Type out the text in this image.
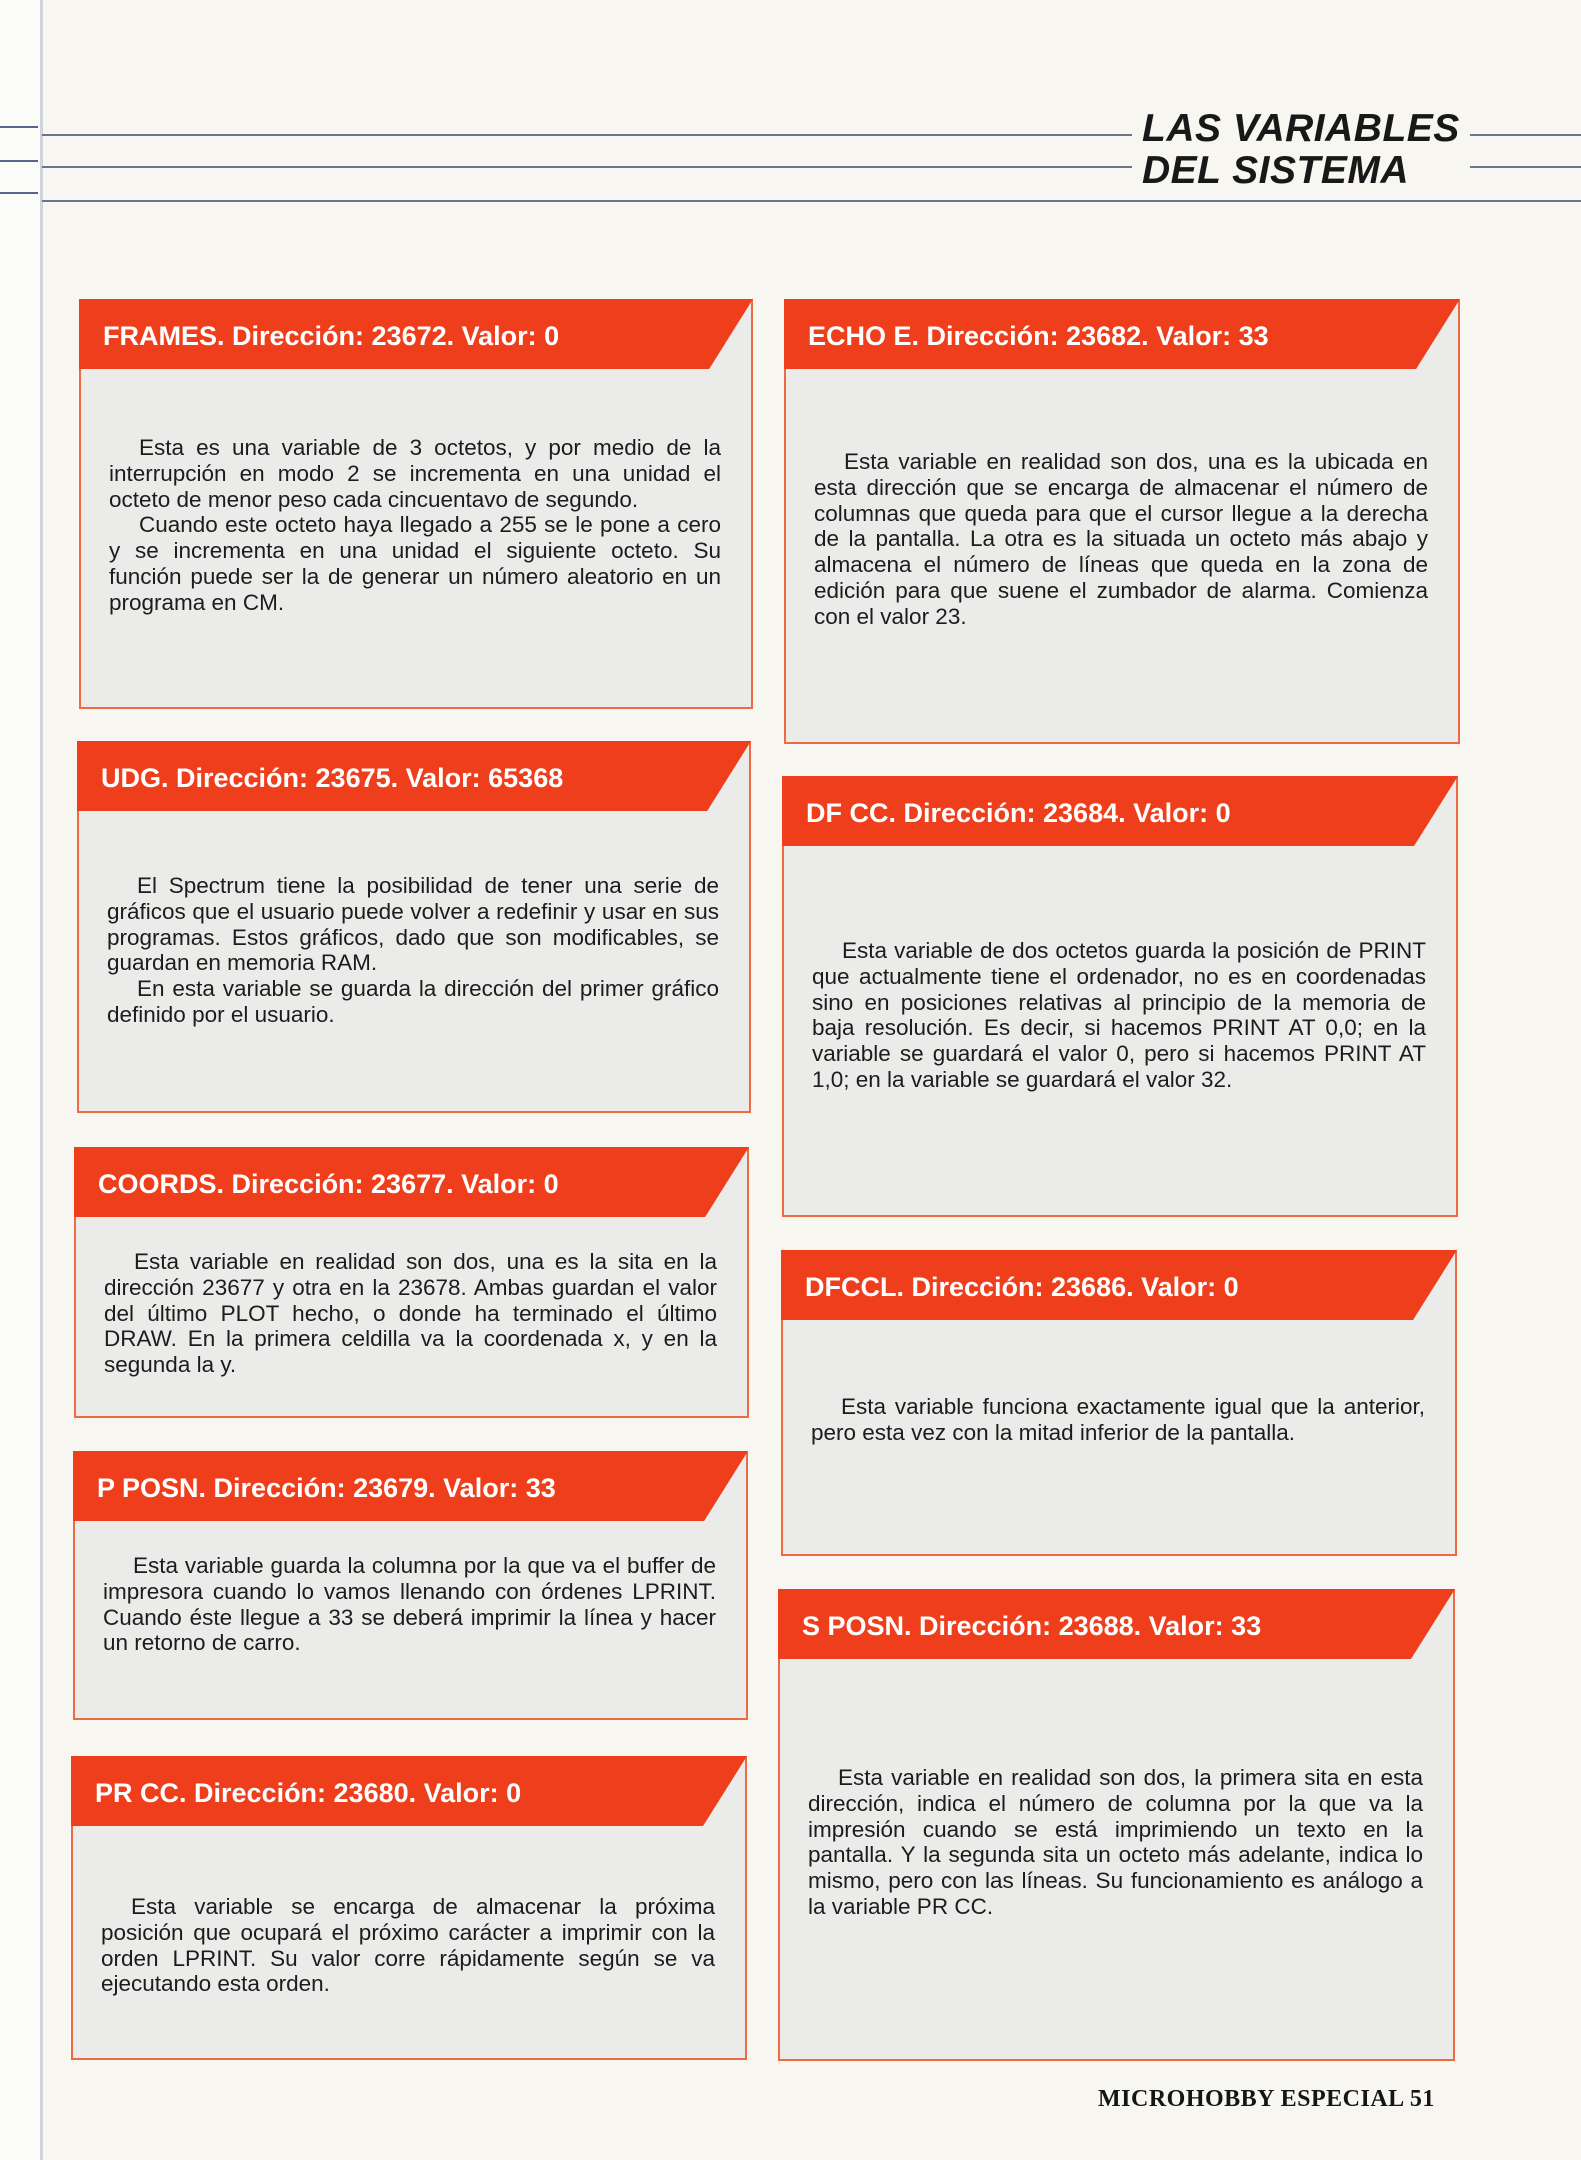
LAS VARIABLES
DEL SISTEMA
FRAMES. Dirección: 23672. Valor: 0

Esta es una variable de 3 octetos, y por medio de la interrupción en modo 2 se incrementa en una unidad el octeto de menor peso cada cincuentavo de segundo.

Cuando este octeto haya llegado a 255 se le pone a cero y se incrementa en una unidad el siguiente octeto. Su función puede ser la de generar un número aleatorio en un programa en CM.

UDG. Dirección: 23675. Valor: 65368

El Spectrum tiene la posibilidad de tener una serie de gráficos que el usuario puede volver a redefinir y usar en sus programas. Estos gráficos, dado que son modificables, se guardan en memoria RAM.

En esta variable se guarda la dirección del primer gráfico definido por el usuario.

COORDS. Dirección: 23677. Valor: 0

Esta variable en realidad son dos, una es la sita en la dirección 23677 y otra en la 23678. Ambas guardan el valor del último PLOT hecho, o donde ha terminado el último DRAW. En la primera celdilla va la coordenada x, y en la segunda la y.

P POSN. Dirección: 23679. Valor: 33

Esta variable guarda la columna por la que va el buffer de impresora cuando lo vamos llenando con órdenes LPRINT. Cuando éste llegue a 33 se deberá imprimir la línea y hacer un retorno de carro.

PR CC. Dirección: 23680. Valor: 0

Esta variable se encarga de almacenar la próxima posición que ocupará el próximo carácter a imprimir con la orden LPRINT. Su valor corre rápidamente según se va ejecutando esta orden.

ECHO E. Dirección: 23682. Valor: 33

Esta variable en realidad son dos, una es la ubicada en esta dirección que se encarga de almacenar el número de columnas que queda para que el cursor llegue a la derecha de la pantalla. La otra es la situada un octeto más abajo y almacena el número de líneas que queda en la zona de edición para que suene el zumbador de alarma. Comienza con el valor 23.

DF CC. Dirección: 23684. Valor: 0

Esta variable de dos octetos guarda la posición de PRINT que actualmente tiene el ordenador, no es en coordenadas sino en posiciones relativas al principio de la memoria de baja resolución. Es decir, si hacemos PRINT AT 0,0; en la variable se guardará el valor 0, pero si hacemos PRINT AT 1,0; en la variable se guardará el valor 32.

DFCCL. Dirección: 23686. Valor: 0

Esta variable funciona exactamente igual que la anterior, pero esta vez con la mitad inferior de la pantalla.

S POSN. Dirección: 23688. Valor: 33

Esta variable en realidad son dos, la primera sita en esta dirección, indica el número de columna por la que va la impresión cuando se está imprimiendo un texto en la pantalla. Y la segunda sita un octeto más adelante, indica lo mismo, pero con las líneas. Su funcionamiento es análogo a la variable PR CC.

MICROHOBBY ESPECIAL 51
